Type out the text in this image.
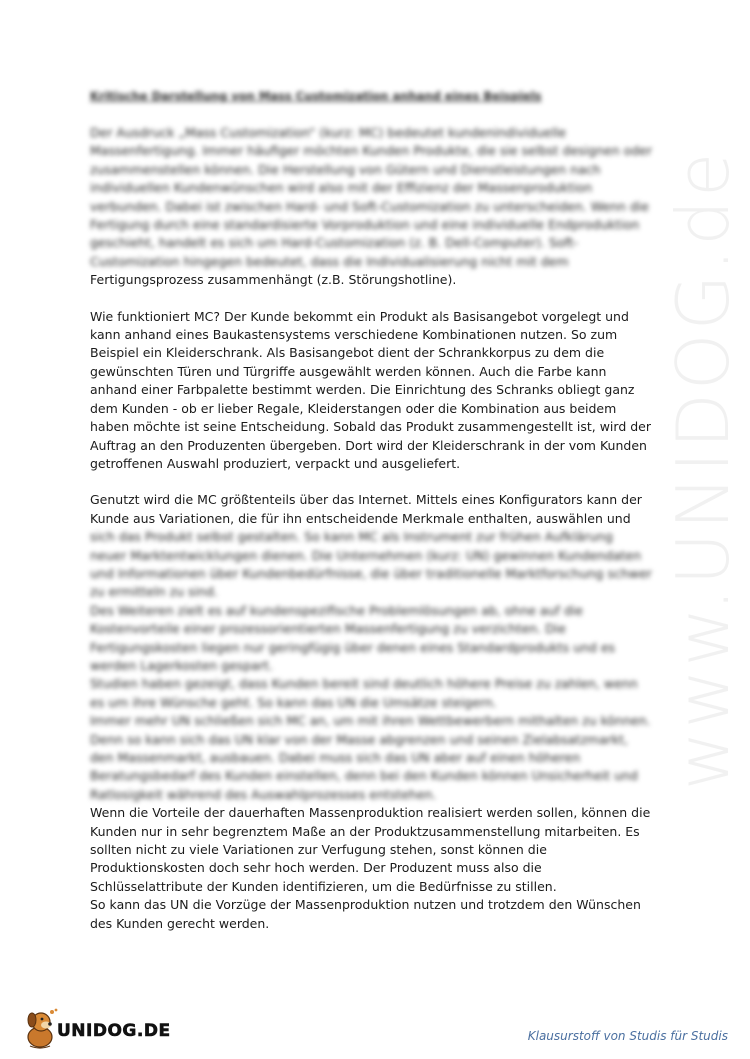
www.UNIDOG.de
Kritische Darstellung von Mass Customization anhand eines Beispiels
Der Ausdruck „Mass Customization“ (kurz: MC) bedeutet kundenindividuelle
Massenfertigung. Immer häufiger möchten Kunden Produkte, die sie selbst designen oder
zusammenstellen können. Die Herstellung von Gütern und Dienstleistungen nach
individuellen Kundenwünschen wird also mit der Effizienz der Massenproduktion
verbunden. Dabei ist zwischen Hard- und Soft-Customization zu unterscheiden. Wenn die
Fertigung durch eine standardisierte Vorproduktion und eine individuelle Endproduktion
geschieht, handelt es sich um Hard-Customization (z. B. Dell-Computer). Soft-
Customization hingegen bedeutet, dass die Individualisierung nicht mit dem
Fertigungsprozess zusammenhängt (z.B. Störungshotline).
Wie funktioniert MC? Der Kunde bekommt ein Produkt als Basisangebot vorgelegt und
kann anhand eines Baukastensystems verschiedene Kombinationen nutzen. So zum
Beispiel ein Kleiderschrank. Als Basisangebot dient der Schrankkorpus zu dem die
gewünschten Türen und Türgriffe ausgewählt werden können. Auch die Farbe kann
anhand einer Farbpalette bestimmt werden. Die Einrichtung des Schranks obliegt ganz
dem Kunden - ob er lieber Regale, Kleiderstangen oder die Kombination aus beidem
haben möchte ist seine Entscheidung. Sobald das Produkt zusammengestellt ist, wird der
Auftrag an den Produzenten übergeben. Dort wird der Kleiderschrank in der vom Kunden
getroffenen Auswahl produziert, verpackt und ausgeliefert.
Genutzt wird die MC größtenteils über das Internet. Mittels eines Konfigurators kann der
Kunde aus Variationen, die für ihn entscheidende Merkmale enthalten, auswählen und
sich das Produkt selbst gestalten. So kann MC als Instrument zur frühen Aufklärung
neuer Marktentwicklungen dienen. Die Unternehmen (kurz: UN) gewinnen Kundendaten
und Informationen über Kundenbedürfnisse, die über traditionelle Marktforschung schwer
zu ermitteln zu sind.
Des Weiteren zielt es auf kundenspezifische Problemlösungen ab, ohne auf die
Kostenvorteile einer prozessorientierten Massenfertigung zu verzichten. Die
Fertigungskosten liegen nur geringfügig über denen eines Standardprodukts und es
werden Lagerkosten gespart.
Studien haben gezeigt, dass Kunden bereit sind deutlich höhere Preise zu zahlen, wenn
es um ihre Wünsche geht. So kann das UN die Umsätze steigern.
Immer mehr UN schließen sich MC an, um mit ihren Wettbewerbern mithalten zu können.
Denn so kann sich das UN klar von der Masse abgrenzen und seinen Zielabsatzmarkt,
den Massenmarkt, ausbauen. Dabei muss sich das UN aber auf einen höheren
Beratungsbedarf des Kunden einstellen, denn bei den Kunden können Unsicherheit und
Ratlosigkeit während des Auswahlprozesses entstehen.
Wenn die Vorteile der dauerhaften Massenproduktion realisiert werden sollen, können die
Kunden nur in sehr begrenztem Maße an der Produktzusammenstellung mitarbeiten. Es
sollten nicht zu viele Variationen zur Verfugung stehen, sonst können die
Produktionskosten doch sehr hoch werden. Der Produzent muss also die
Schlüsselattribute der Kunden identifizieren, um die Bedürfnisse zu stillen.
So kann das UN die Vorzüge der Massenproduktion nutzen und trotzdem den Wünschen
des Kunden gerecht werden.
UNIDOG.DE	Klausurstoff von Studis für Studis
